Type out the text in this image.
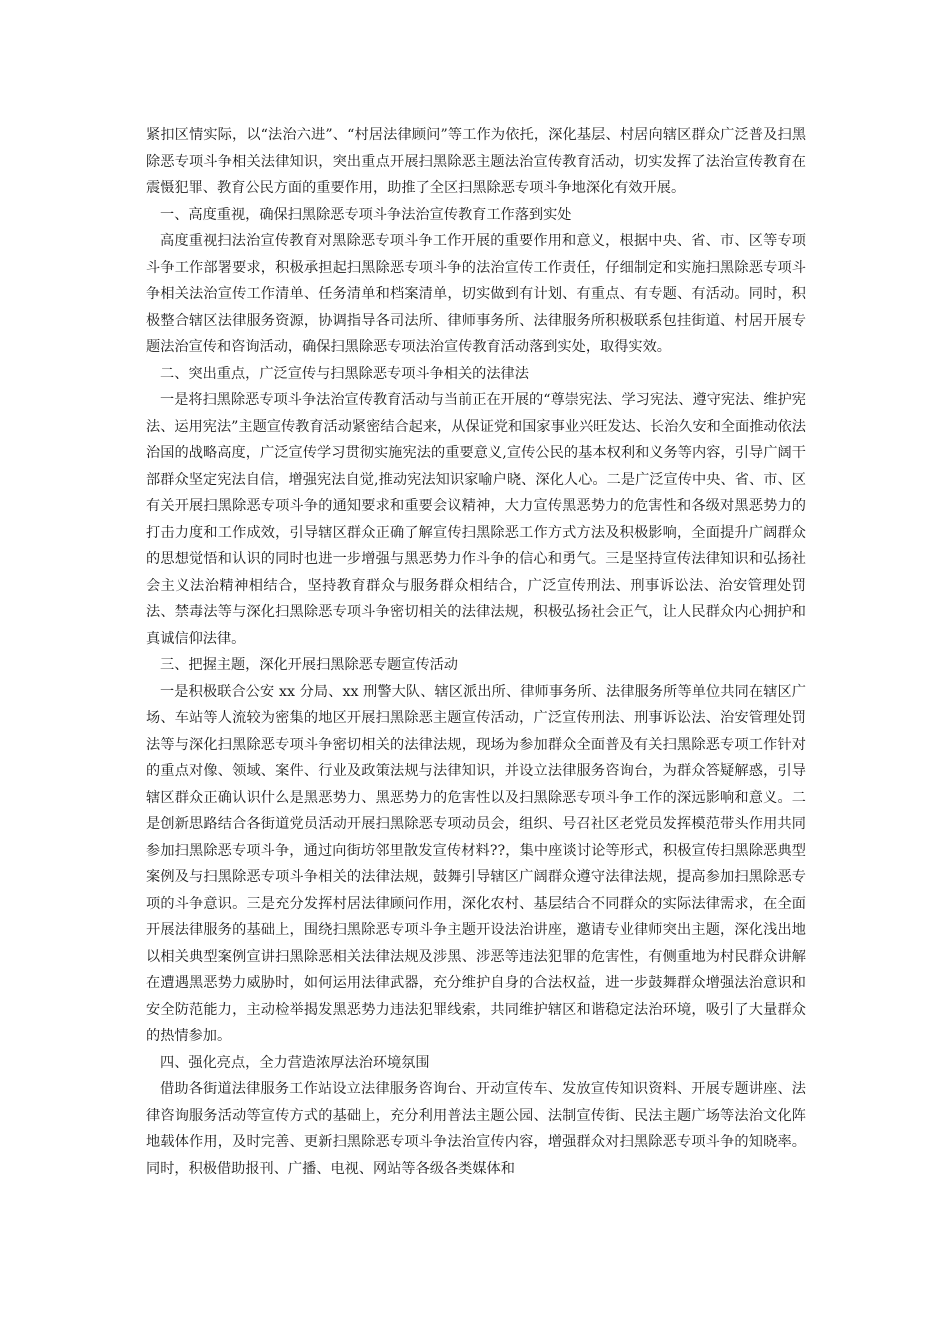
紧扣区情实际，以“法治六进”、“村居法律顾问”等工作为依托，深化基层、村居向辖区群众广泛普及扫黑除恶专项斗争相关法律知识，突出重点开展扫黑除恶主题法治宣传教育活动，切实发挥了法治宣传教育在震慑犯罪、教育公民方面的重要作用，助推了全区扫黑除恶专项斗争地深化有效开展。

一、高度重视，确保扫黑除恶专项斗争法治宣传教育工作落到实处

高度重视扫法治宣传教育对黑除恶专项斗争工作开展的重要作用和意义，根据中央、省、市、区等专项斗争工作部署要求，积极承担起扫黑除恶专项斗争的法治宣传工作责任，仔细制定和实施扫黑除恶专项斗争相关法治宣传工作清单、任务清单和档案清单，切实做到有计划、有重点、有专题、有活动。同时，积极整合辖区法律服务资源，协调指导各司法所、律师事务所、法律服务所积极联系包挂街道、村居开展专题法治宣传和咨询活动，确保扫黑除恶专项法治宣传教育活动落到实处，取得实效。

二、突出重点，广泛宣传与扫黑除恶专项斗争相关的法律法

一是将扫黑除恶专项斗争法治宣传教育活动与当前正在开展的“尊崇宪法、学习宪法、遵守宪法、维护宪法、运用宪法”主题宣传教育活动紧密结合起来，从保证党和国家事业兴旺发达、长治久安和全面推动依法治国的战略高度，广泛宣传学习贯彻实施宪法的重要意义,宣传公民的基本权利和义务等内容，引导广阔干部群众坚定宪法自信，增强宪法自觉,推动宪法知识家喻户晓、深化人心。二是广泛宣传中央、省、市、区有关开展扫黑除恶专项斗争的通知要求和重要会议精神，大力宣传黑恶势力的危害性和各级对黑恶势力的打击力度和工作成效，引导辖区群众正确了解宣传扫黑除恶工作方式方法及积极影响，全面提升广阔群众的思想觉悟和认识的同时也进一步增强与黑恶势力作斗争的信心和勇气。三是坚持宣传法律知识和弘扬社会主义法治精神相结合，坚持教育群众与服务群众相结合，广泛宣传刑法、刑事诉讼法、治安管理处罚法、禁毒法等与深化扫黑除恶专项斗争密切相关的法律法规，积极弘扬社会正气，让人民群众内心拥护和真诚信仰法律。

三、把握主题，深化开展扫黑除恶专题宣传活动

一是积极联合公安 xx 分局、xx 刑警大队、辖区派出所、律师事务所、法律服务所等单位共同在辖区广场、车站等人流较为密集的地区开展扫黑除恶主题宣传活动，广泛宣传刑法、刑事诉讼法、治安管理处罚法等与深化扫黑除恶专项斗争密切相关的法律法规，现场为参加群众全面普及有关扫黑除恶专项工作针对的重点对像、领域、案件、行业及政策法规与法律知识，并设立法律服务咨询台，为群众答疑解惑，引导辖区群众正确认识什么是黑恶势力、黑恶势力的危害性以及扫黑除恶专项斗争工作的深远影响和意义。二是创新思路结合各街道党员活动开展扫黑除恶专项动员会，组织、号召社区老党员发挥模范带头作用共同参加扫黑除恶专项斗争，通过向街坊邻里散发宣传材料??，集中座谈讨论等形式，积极宣传扫黑除恶典型案例及与扫黑除恶专项斗争相关的法律法规，鼓舞引导辖区广阔群众遵守法律法规，提高参加扫黑除恶专项的斗争意识。三是充分发挥村居法律顾问作用，深化农村、基层结合不同群众的实际法律需求，在全面开展法律服务的基础上，围绕扫黑除恶专项斗争主题开设法治讲座，邀请专业律师突出主题，深化浅出地以相关典型案例宣讲扫黑除恶相关法律法规及涉黑、涉恶等违法犯罪的危害性，有侧重地为村民群众讲解在遭遇黑恶势力威胁时，如何运用法律武器，充分维护自身的合法权益，进一步鼓舞群众增强法治意识和安全防范能力，主动检举揭发黑恶势力违法犯罪线索，共同维护辖区和谐稳定法治环境，吸引了大量群众的热情参加。

四、强化亮点，全力营造浓厚法治环境氛围

借助各街道法律服务工作站设立法律服务咨询台、开动宣传车、发放宣传知识资料、开展专题讲座、法律咨询服务活动等宣传方式的基础上，充分利用普法主题公园、法制宣传街、民法主题广场等法治文化阵地载体作用，及时完善、更新扫黑除恶专项斗争法治宣传内容，增强群众对扫黑除恶专项斗争的知晓率。同时，积极借助报刊、广播、电视、网站等各级各类媒体和
